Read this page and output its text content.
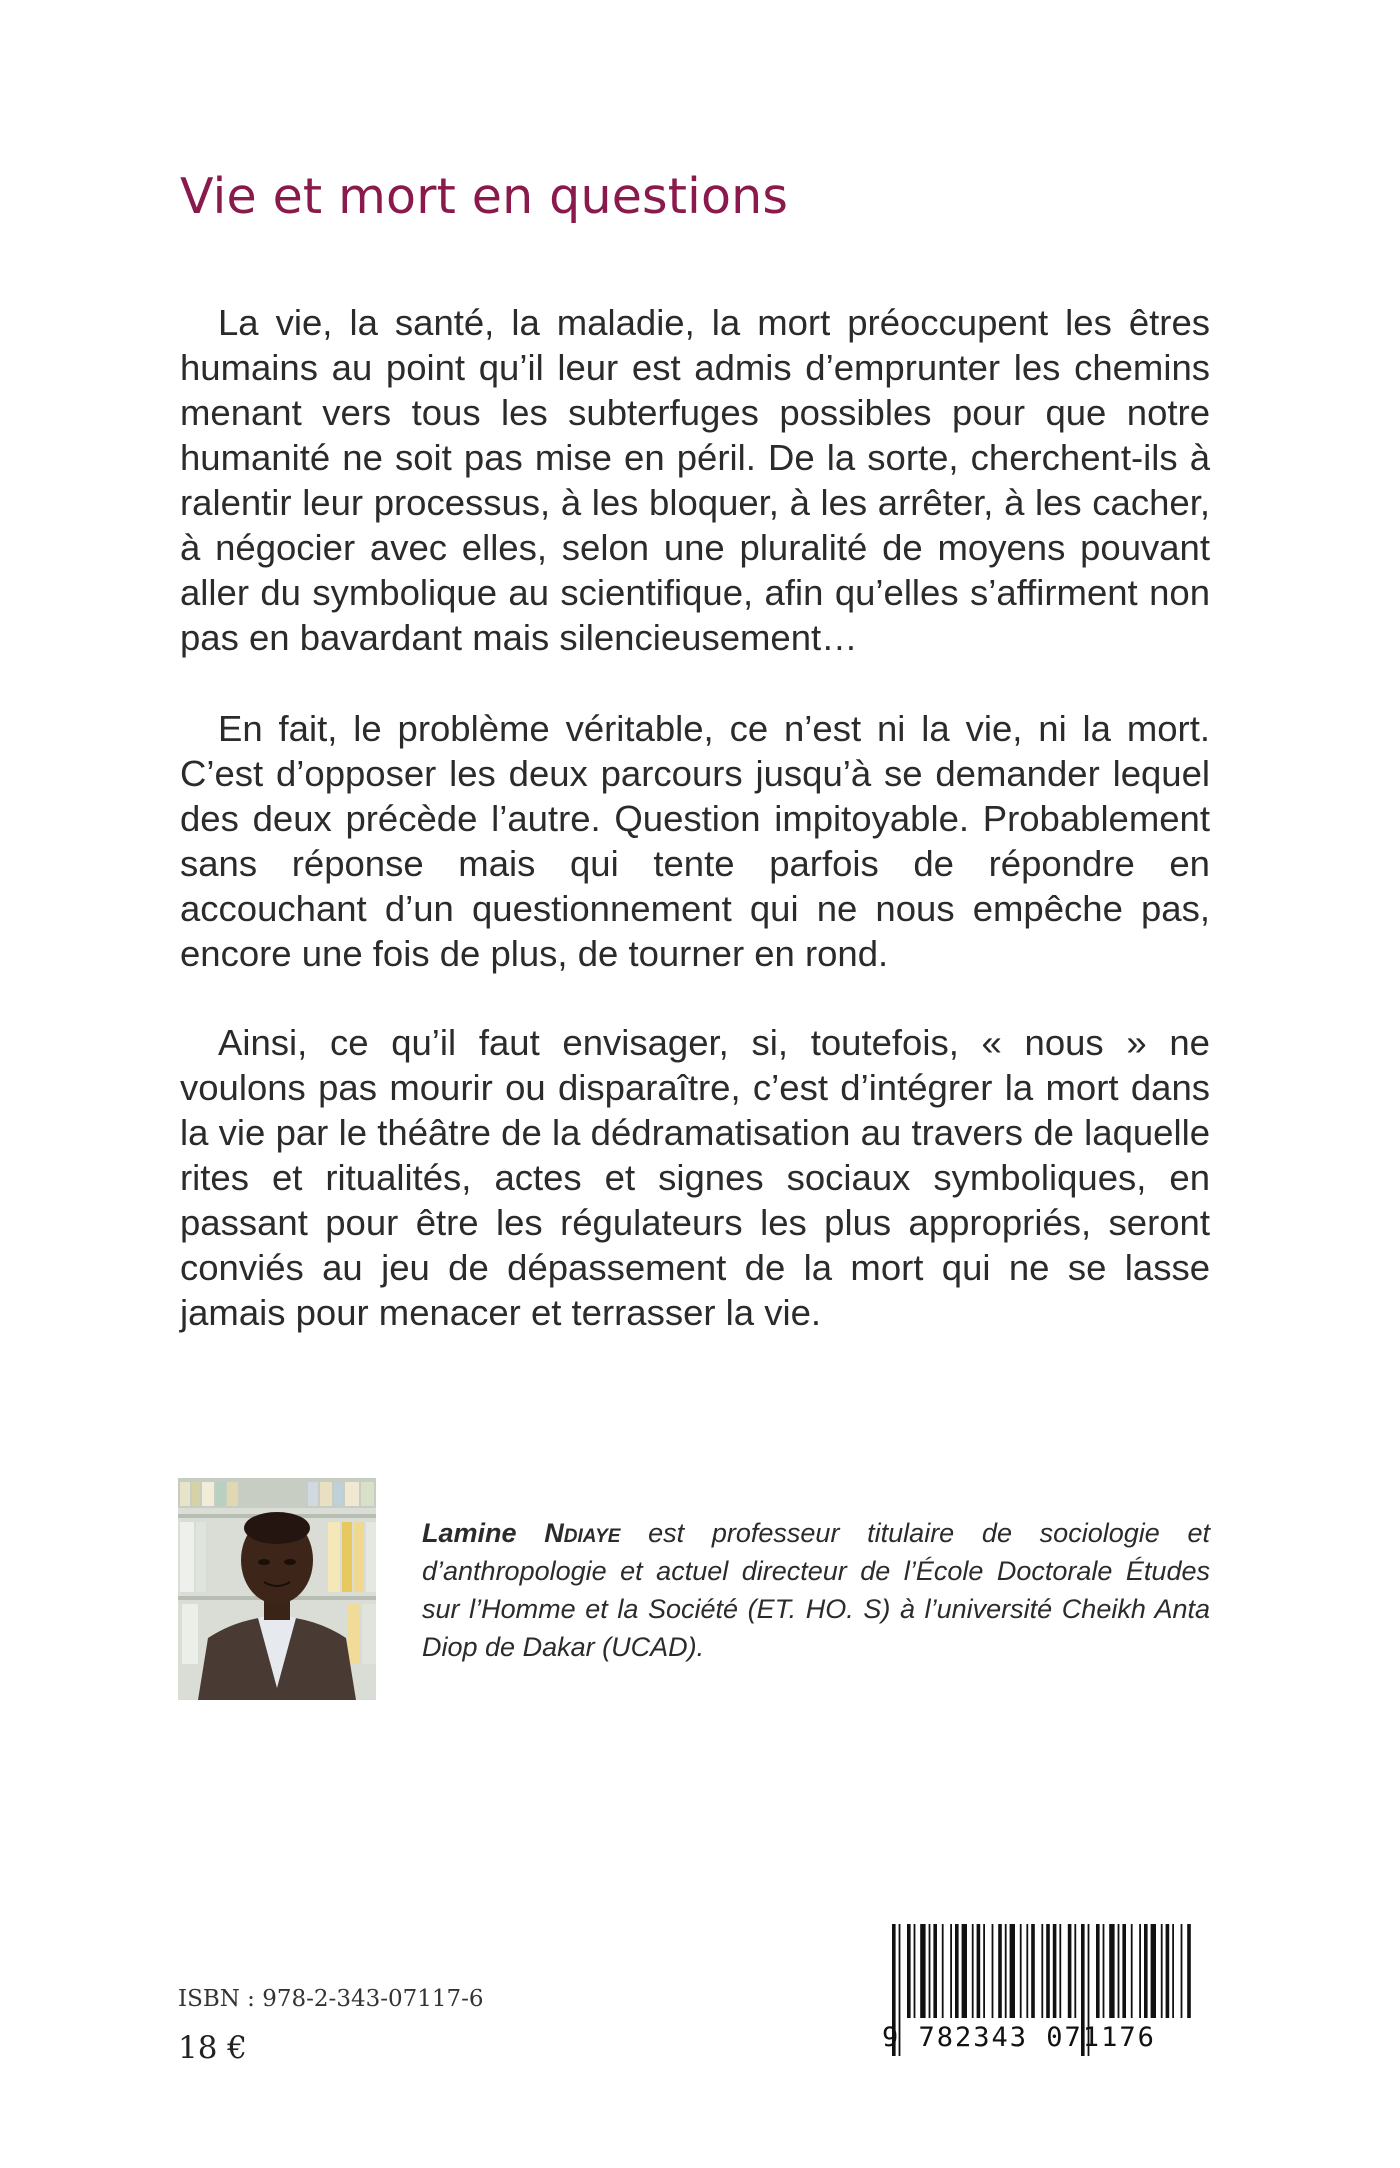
Vie et mort en questions

La vie, la santé, la maladie, la mort préoccupent les êtres humains au point qu’il leur est admis d’emprunter les chemins menant vers tous les subterfuges possibles pour que notre humanité ne soit pas mise en péril. De la sorte, cherchent-ils à ralentir leur processus, à les bloquer, à les arrêter, à les cacher, à négocier avec elles, selon une pluralité de moyens pouvant aller du symbolique au scientifique, afin qu’elles s’affirment non pas en bavardant mais silencieusement…

En fait, le problème véritable, ce n’est ni la vie, ni la mort. C’est d’opposer les deux parcours jusqu’à se demander lequel des deux précède l’autre. Question impitoyable. Probablement sans réponse mais qui tente parfois de répondre en accouchant d’un questionnement qui ne nous empêche pas, encore une fois de plus, de tourner en rond.

Ainsi, ce qu’il faut envisager, si, toutefois, « nous » ne voulons pas mourir ou disparaître, c’est d’intégrer la mort dans la vie par le théâtre de la dédramatisation au travers de laquelle rites et ritualités, actes et signes sociaux symboliques, en passant pour être les régulateurs les plus appropriés, seront conviés au jeu de dépassement de la mort qui ne se lasse jamais pour menacer et terrasser la vie.

Lamine Ndiaye est professeur titulaire de sociologie et d’anthropologie et actuel directeur de l’École Doctorale Études sur l’Homme et la Société (ET. HO. S) à l’université Cheikh Anta Diop de Dakar (UCAD).
ISBN : 978-2-343-07117-6
18 €	9 782343 071176
